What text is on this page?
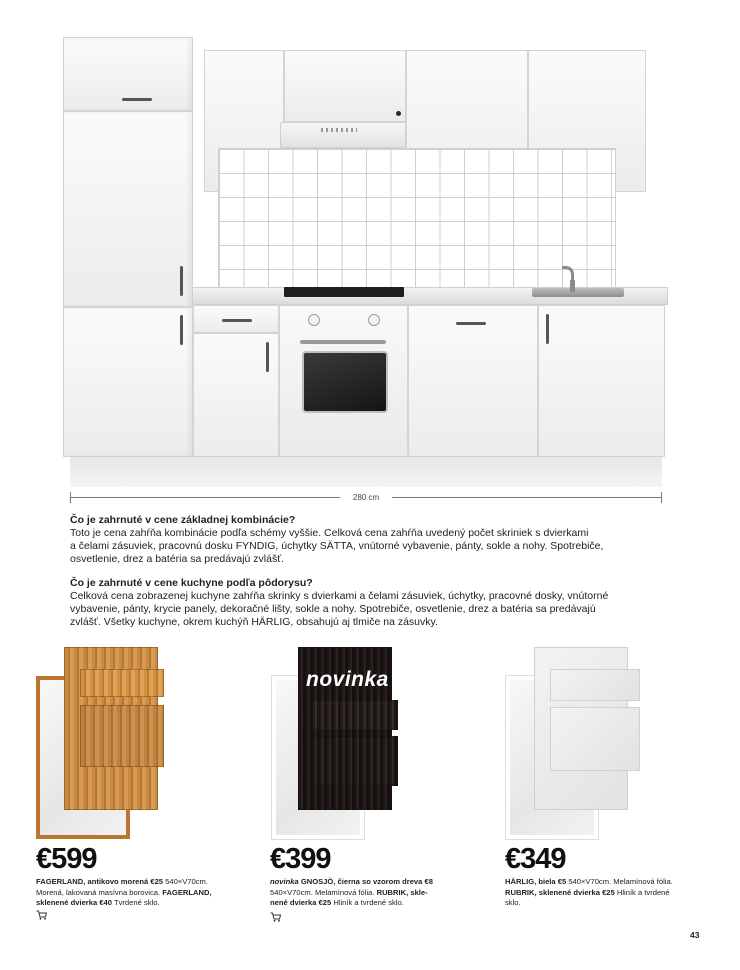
280 cm
Čo je zahrnuté v cene základnej kombinácie?

Toto je cena zahŕňa kombinácie podľa schémy vyššie. Celková cena zahŕňa uvedený počet skriniek s dvierkami

a čelami zásuviek, pracovnú dosku FYNDIG, úchytky SÄTTA, vnútorné vybavenie, pánty, sokle a nohy. Spotrebiče,

osvetlenie, drez a batéria sa predávajú zvlášť.

Čo je zahrnuté v cene kuchyne podľa pôdorysu?

Celková cena zobrazenej kuchyne zahŕňa skrinky s dvierkami a čelami zásuviek, úchytky, pracovné dosky, vnútorné

vybavenie, pánty, krycie panely, dekoračné lišty, sokle a nohy. Spotrebiče, osvetlenie, drez a batéria sa predávajú

zvlášť. Všetky kuchyne, okrem kuchýň HÄRLIG, obsahujú aj tlmiče na zásuvky.

novinka
€599
FAGERLAND, antikovo morená €25 540×V70cm.
Morená, lakovaná masívna borovica. FAGERLAND,
sklenené dvierka €40 Tvrdené sklo.
€399
novinka GNOSJÖ, čierna so vzorom dreva €8
540×V70cm. Melamínová fólia. RUBRIK, skle-
nené dvierka €25 Hliník a tvrdené sklo.
€349
HÄRLIG, biela €5 540×V70cm. Melamínová fólia.
RUBRIK, sklenené dvierka €25 Hliník a tvrdené
sklo.
43
